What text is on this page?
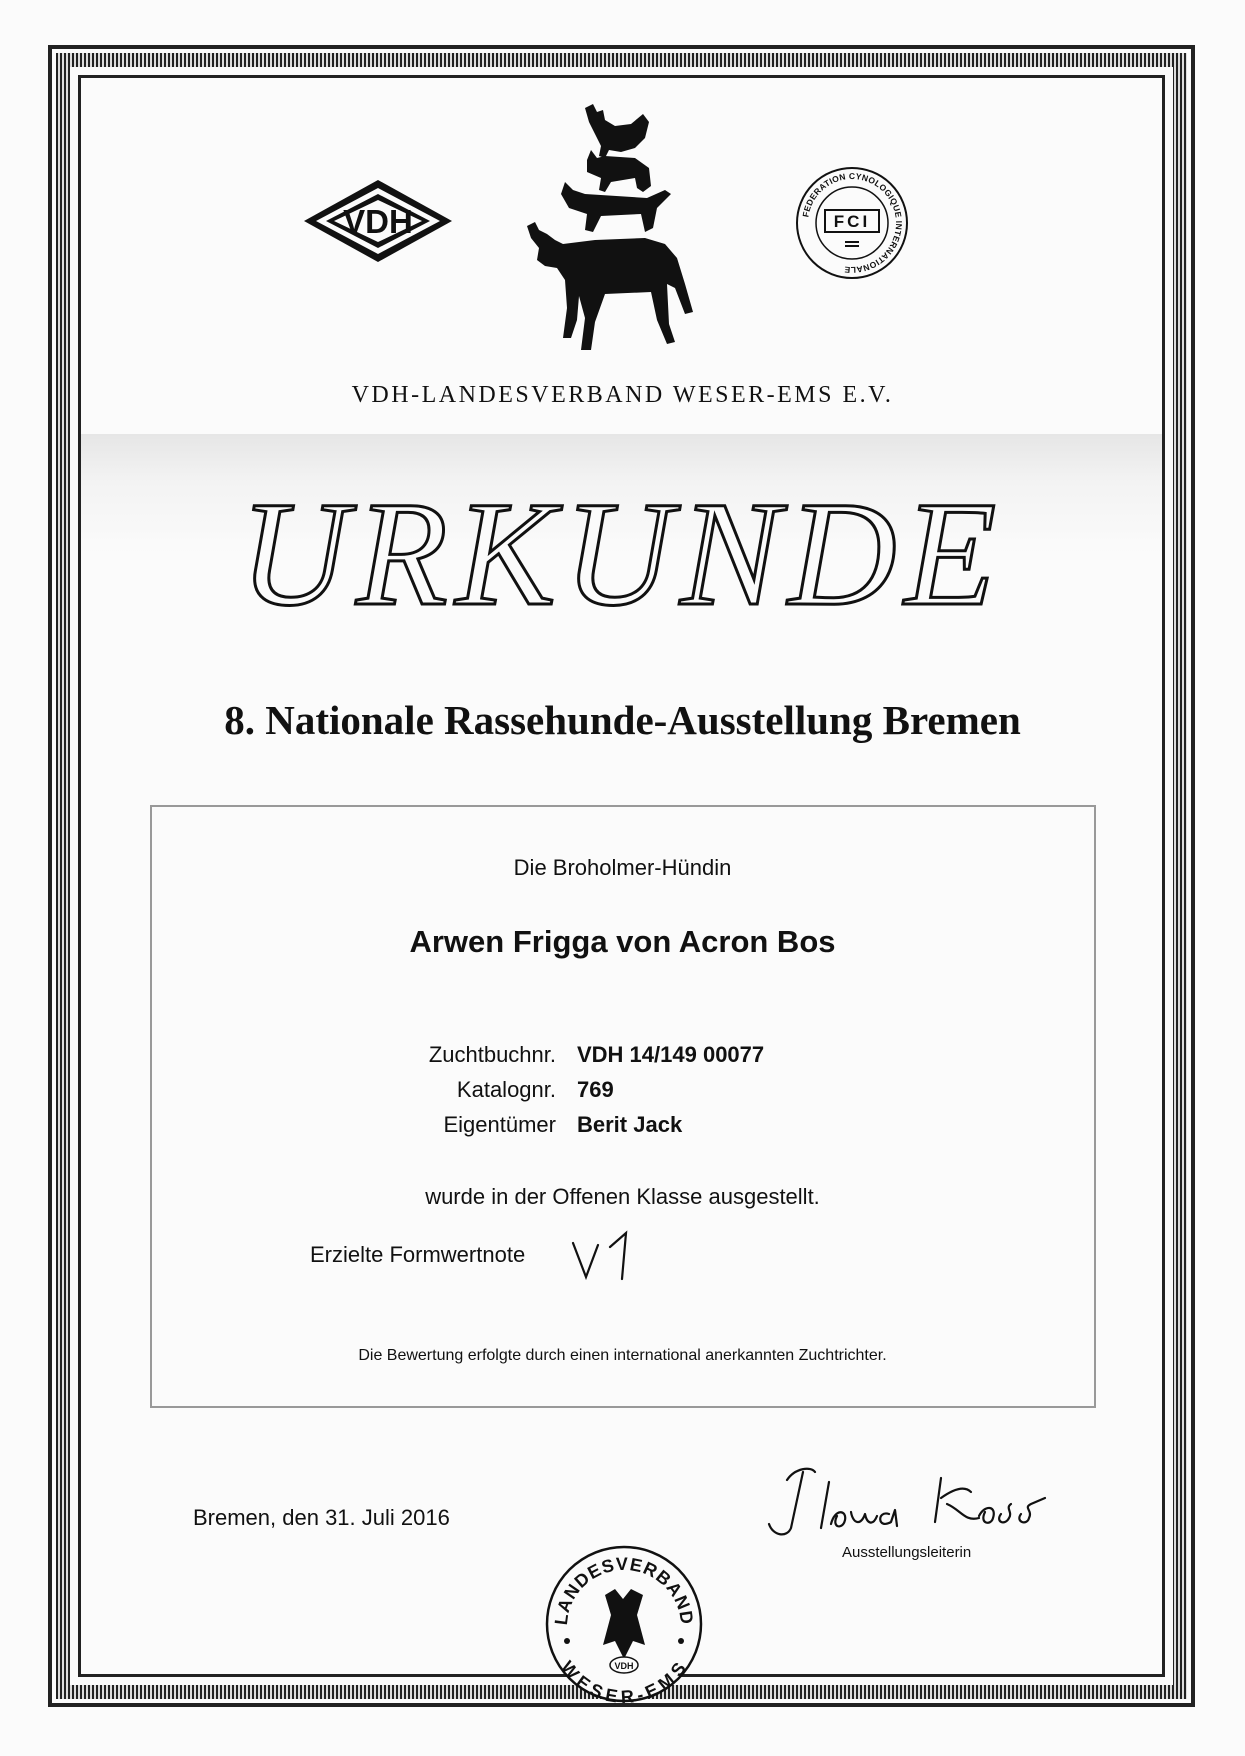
VDH	FEDERATION CYNOLOGIQUE INTERNATIONALE
FCI
VDH-LANDESVERBAND WESER-EMS E.V.
URKUNDE
8. Nationale Rassehunde-Ausstellung Bremen
Die Broholmer-Hündin
Arwen Frigga von Acron Bos
Zuchtbuchnr. VDH 14/149 00077
Katalognr. 769
Eigentümer Berit Jack
wurde in der Offenen Klasse ausgestellt.
Erzielte Formwertnote
Die Bewertung erfolgte durch einen international anerkannten Zuchtrichter.
Bremen, den 31. Juli 2016
Ausstellungsleiterin
LANDESVERBAND
WESER-EMS
VDH
